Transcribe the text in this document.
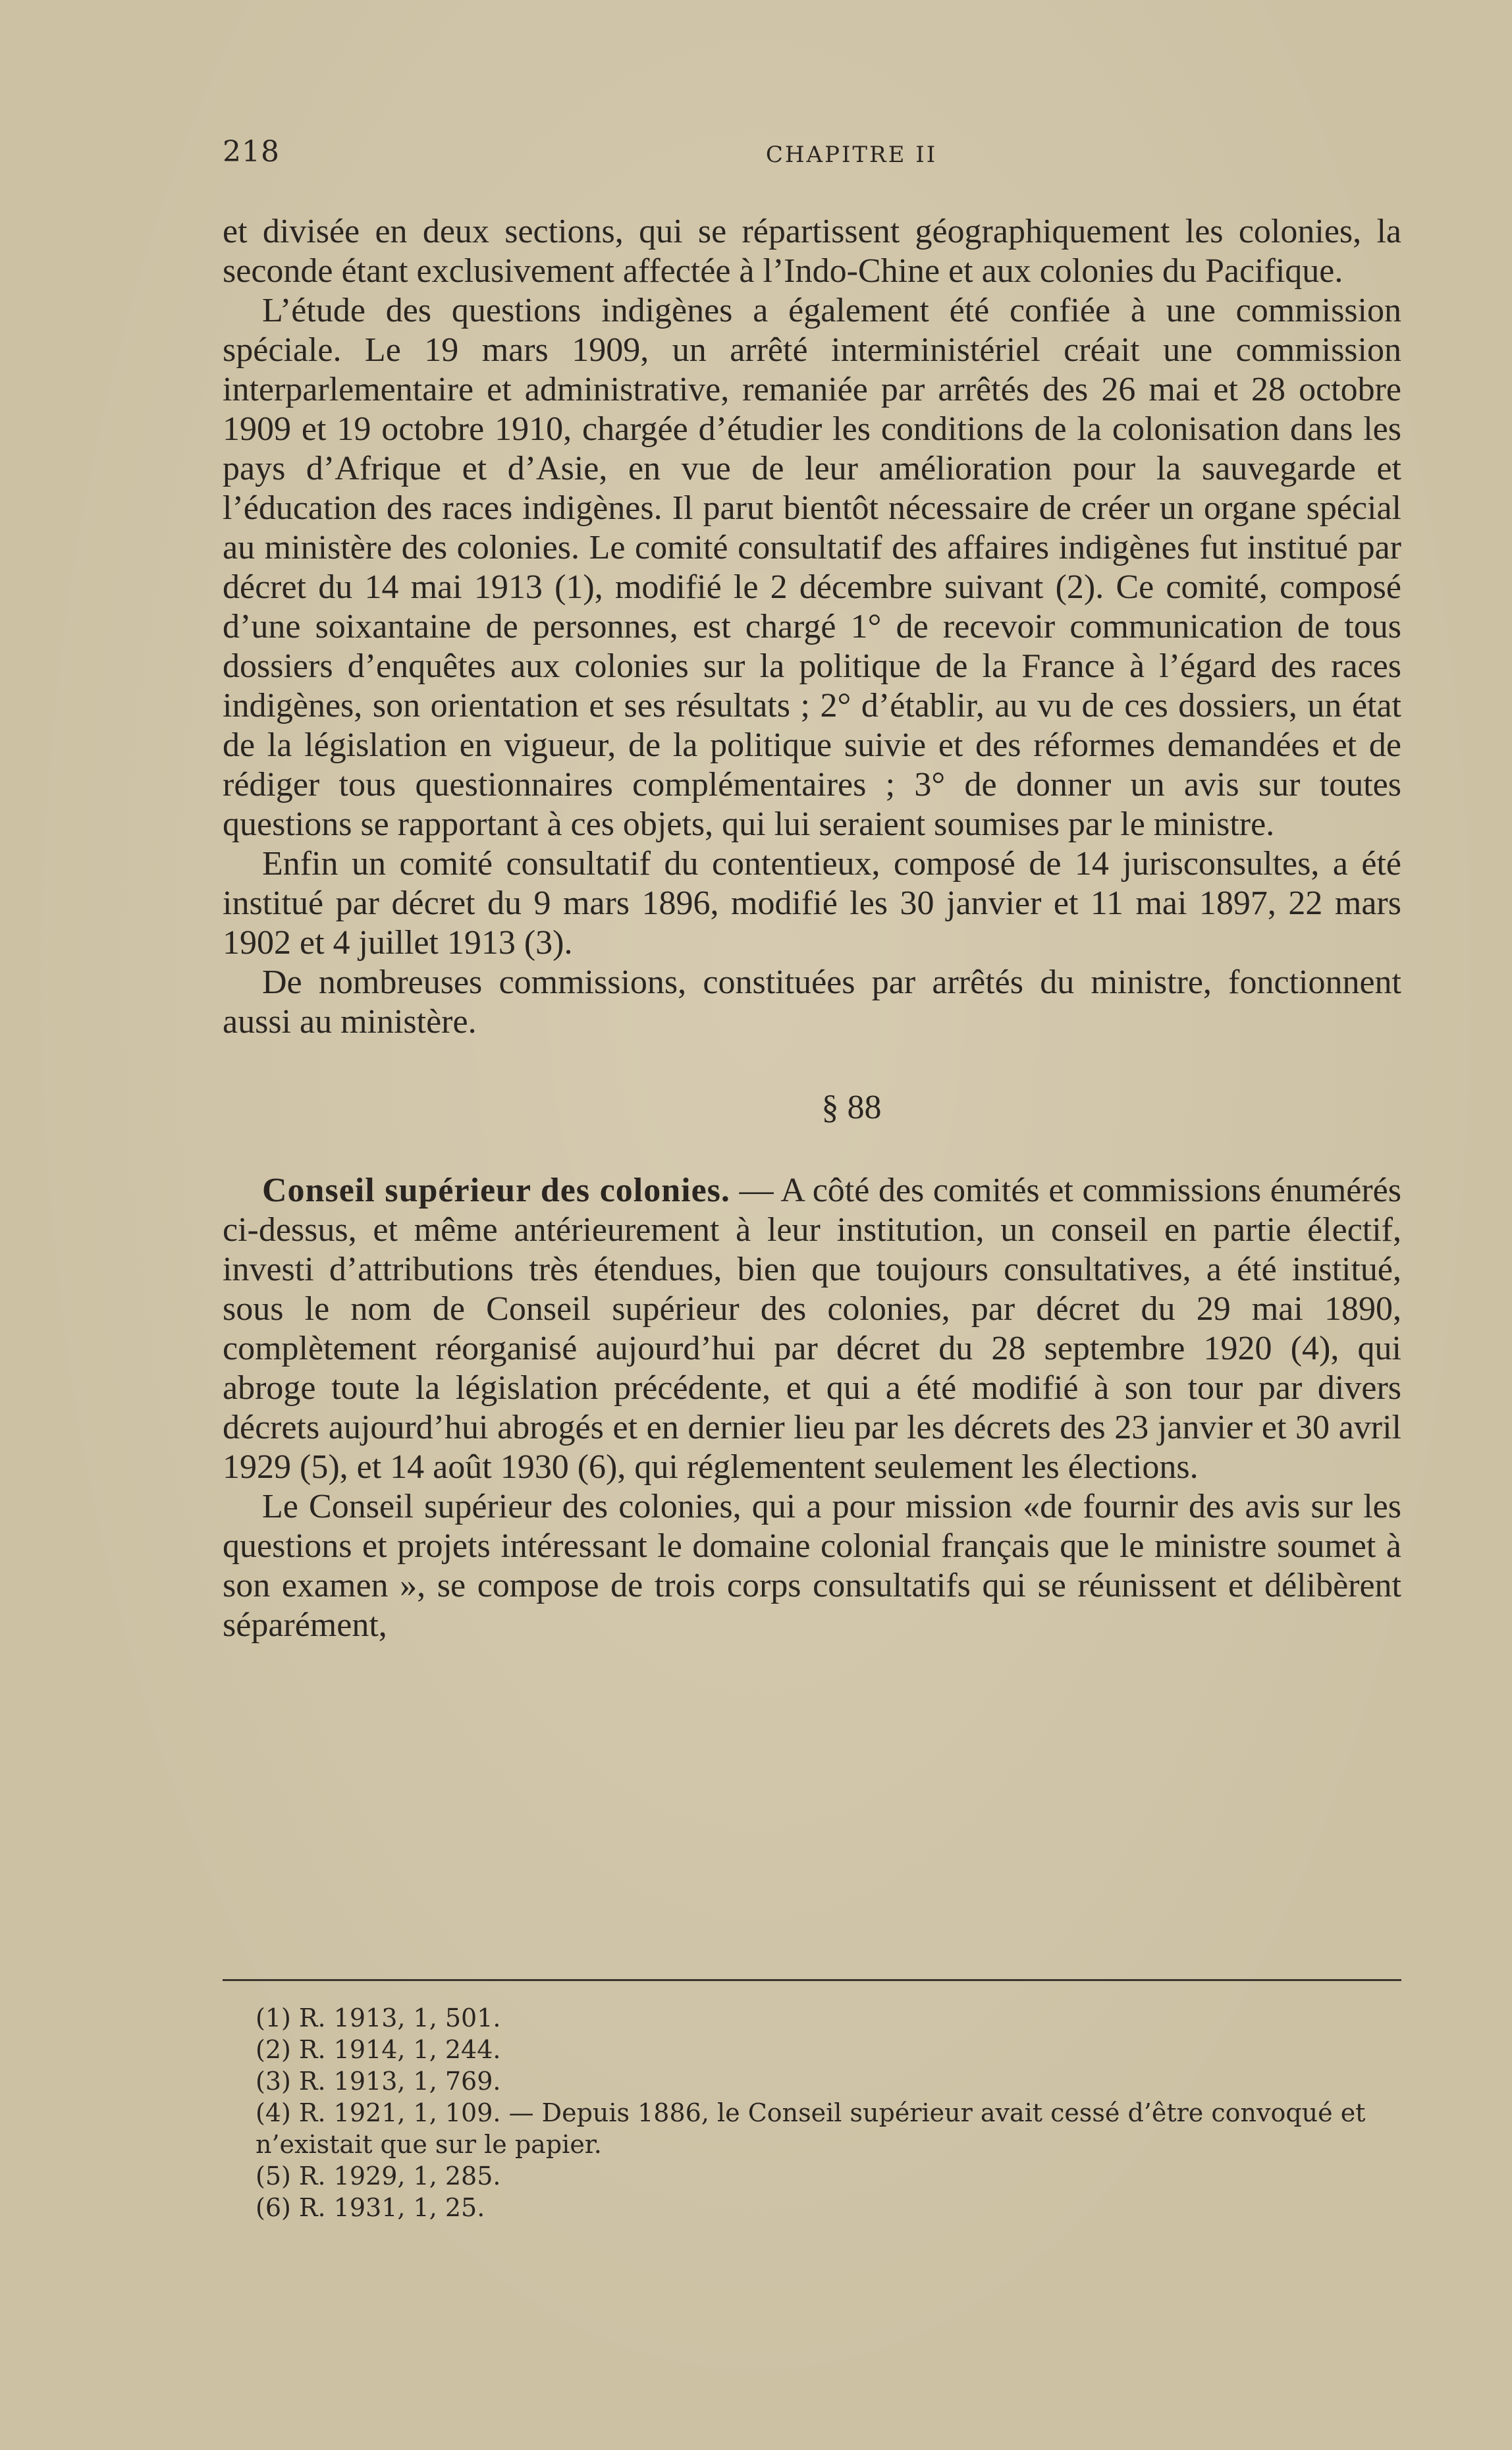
218	CHAPITRE II

et divisée en deux sections, qui se répartissent géographiquement les colonies, la seconde étant exclusivement affectée à l’Indo-Chine et aux colonies du Pacifique.

L’étude des questions indigènes a également été confiée à une commission spéciale. Le 19 mars 1909, un arrêté interministériel créait une commission interparlementaire et administrative, remaniée par arrêtés des 26 mai et 28 octobre 1909 et 19 octobre 1910, chargée d’étudier les conditions de la colonisation dans les pays d’Afrique et d’Asie, en vue de leur amélioration pour la sauvegarde et l’éducation des races indigènes. Il parut bientôt nécessaire de créer un organe spécial au ministère des colonies. Le comité consultatif des affaires indigènes fut institué par décret du 14 mai 1913 (1), modifié le 2 décembre suivant (2). Ce comité, composé d’une soixantaine de personnes, est chargé 1° de recevoir communication de tous dossiers d’enquêtes aux colonies sur la politique de la France à l’égard des races indigènes, son orientation et ses résultats ; 2° d’établir, au vu de ces dossiers, un état de la législation en vigueur, de la politique suivie et des réformes demandées et de rédiger tous questionnaires complémentaires ; 3° de donner un avis sur toutes questions se rapportant à ces objets, qui lui seraient soumises par le ministre.

Enfin un comité consultatif du contentieux, composé de 14 jurisconsultes, a été institué par décret du 9 mars 1896, modifié les 30 janvier et 11 mai 1897, 22 mars 1902 et 4 juillet 1913 (3).

De nombreuses commissions, constituées par arrêtés du ministre, fonctionnent aussi au ministère.

§ 88

Conseil supérieur des colonies. — A côté des comités et commissions énumérés ci-dessus, et même antérieurement à leur institution, un conseil en partie électif, investi d’attributions très étendues, bien que toujours consultatives, a été institué, sous le nom de Conseil supérieur des colonies, par décret du 29 mai 1890, complètement réorganisé aujourd’hui par décret du 28 septembre 1920 (4), qui abroge toute la législation précédente, et qui a été modifié à son tour par divers décrets aujourd’hui abrogés et en dernier lieu par les décrets des 23 janvier et 30 avril 1929 (5), et 14 août 1930 (6), qui réglementent seulement les élections.

Le Conseil supérieur des colonies, qui a pour mission «de fournir des avis sur les questions et projets intéressant le domaine colonial français que le ministre soumet à son examen », se compose de trois corps consultatifs qui se réunissent et délibèrent séparément,

(1) R. 1913, 1, 501.
(2) R. 1914, 1, 244.
(3) R. 1913, 1, 769.
(4) R. 1921, 1, 109. — Depuis 1886, le Conseil supérieur avait cessé d’être convoqué et n’existait que sur le papier.
(5) R. 1929, 1, 285.
(6) R. 1931, 1, 25.
